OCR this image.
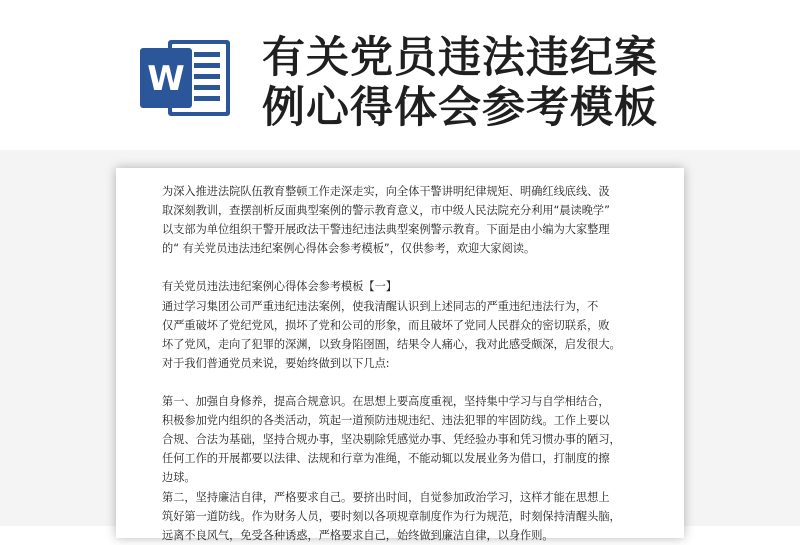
W 有关党员违法违纪案
例心得体会参考模板
为深入推进法院队伍教育整顿工作走深走实，向全体干警讲明纪律规矩、明确红线底线、汲
取深刻教训，查摆剖析反面典型案例的警示教育意义，市中级人民法院充分利用“晨读晚学”
以支部为单位组织干警开展政法干警违纪违法典型案例警示教育。下面是由小编为大家整理
的“ 有关党员违法违纪案例心得体会参考模板”，仅供参考，欢迎大家阅读。
有关党员违法违纪案例心得体会参考模板【一】
通过学习集团公司严重违纪违法案例，使我清醒认识到上述同志的严重违纪违法行为，不
仅严重破坏了党纪党风，损坏了党和公司的形象，而且破坏了党同人民群众的密切联系，败
坏了党风，走向了犯罪的深渊，以致身陷囹圄，结果令人痛心，我对此感受颇深，启发很大。
对于我们普通党员来说，要始终做到以下几点:
第一、加强自身修养，提高合规意识。在思想上要高度重视，坚持集中学习与自学相结合，
积极参加党内组织的各类活动，筑起一道预防违规违纪、违法犯罪的牢固防线。工作上要以
合规、合法为基础，坚持合规办事，坚决剔除凭感觉办事、凭经验办事和凭习惯办事的陋习，
任何工作的开展都要以法律、法规和行章为准绳，不能动辄以发展业务为借口，打制度的擦
边球。
第二，坚持廉洁自律，严格要求自己。要挤出时间，自觉参加政治学习，这样才能在思想上
筑好第一道防线。作为财务人员，要时刻以各项规章制度作为行为规范，时刻保持清醒头脑，
远离不良风气，免受各种诱惑，严格要求自己，始终做到廉洁自律，以身作则。
